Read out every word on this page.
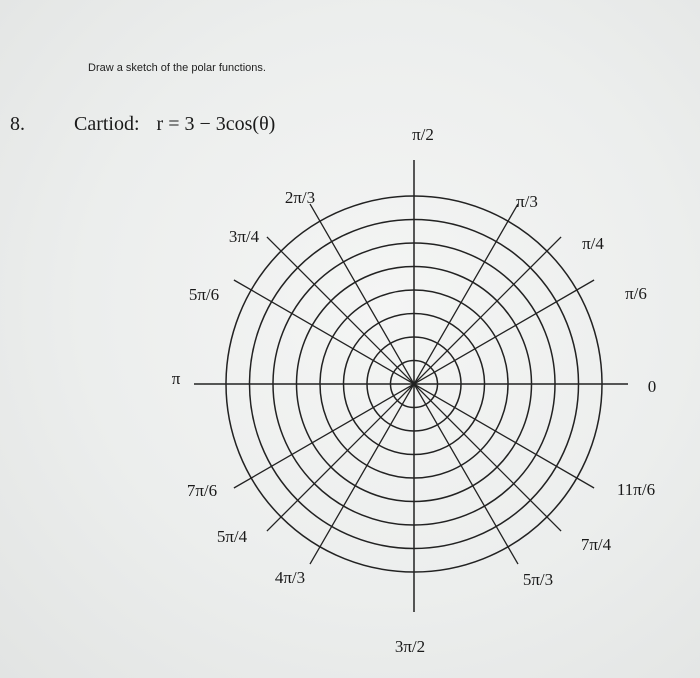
Draw a sketch of the polar functions.
8. Cartiod: r = 3 − 3cos(θ)
0
π/6
π/4
π/3
π/2
2π/3
3π/4
5π/6
π
7π/6
5π/4
4π/3
3π/2
5π/3
7π/4
11π/6
